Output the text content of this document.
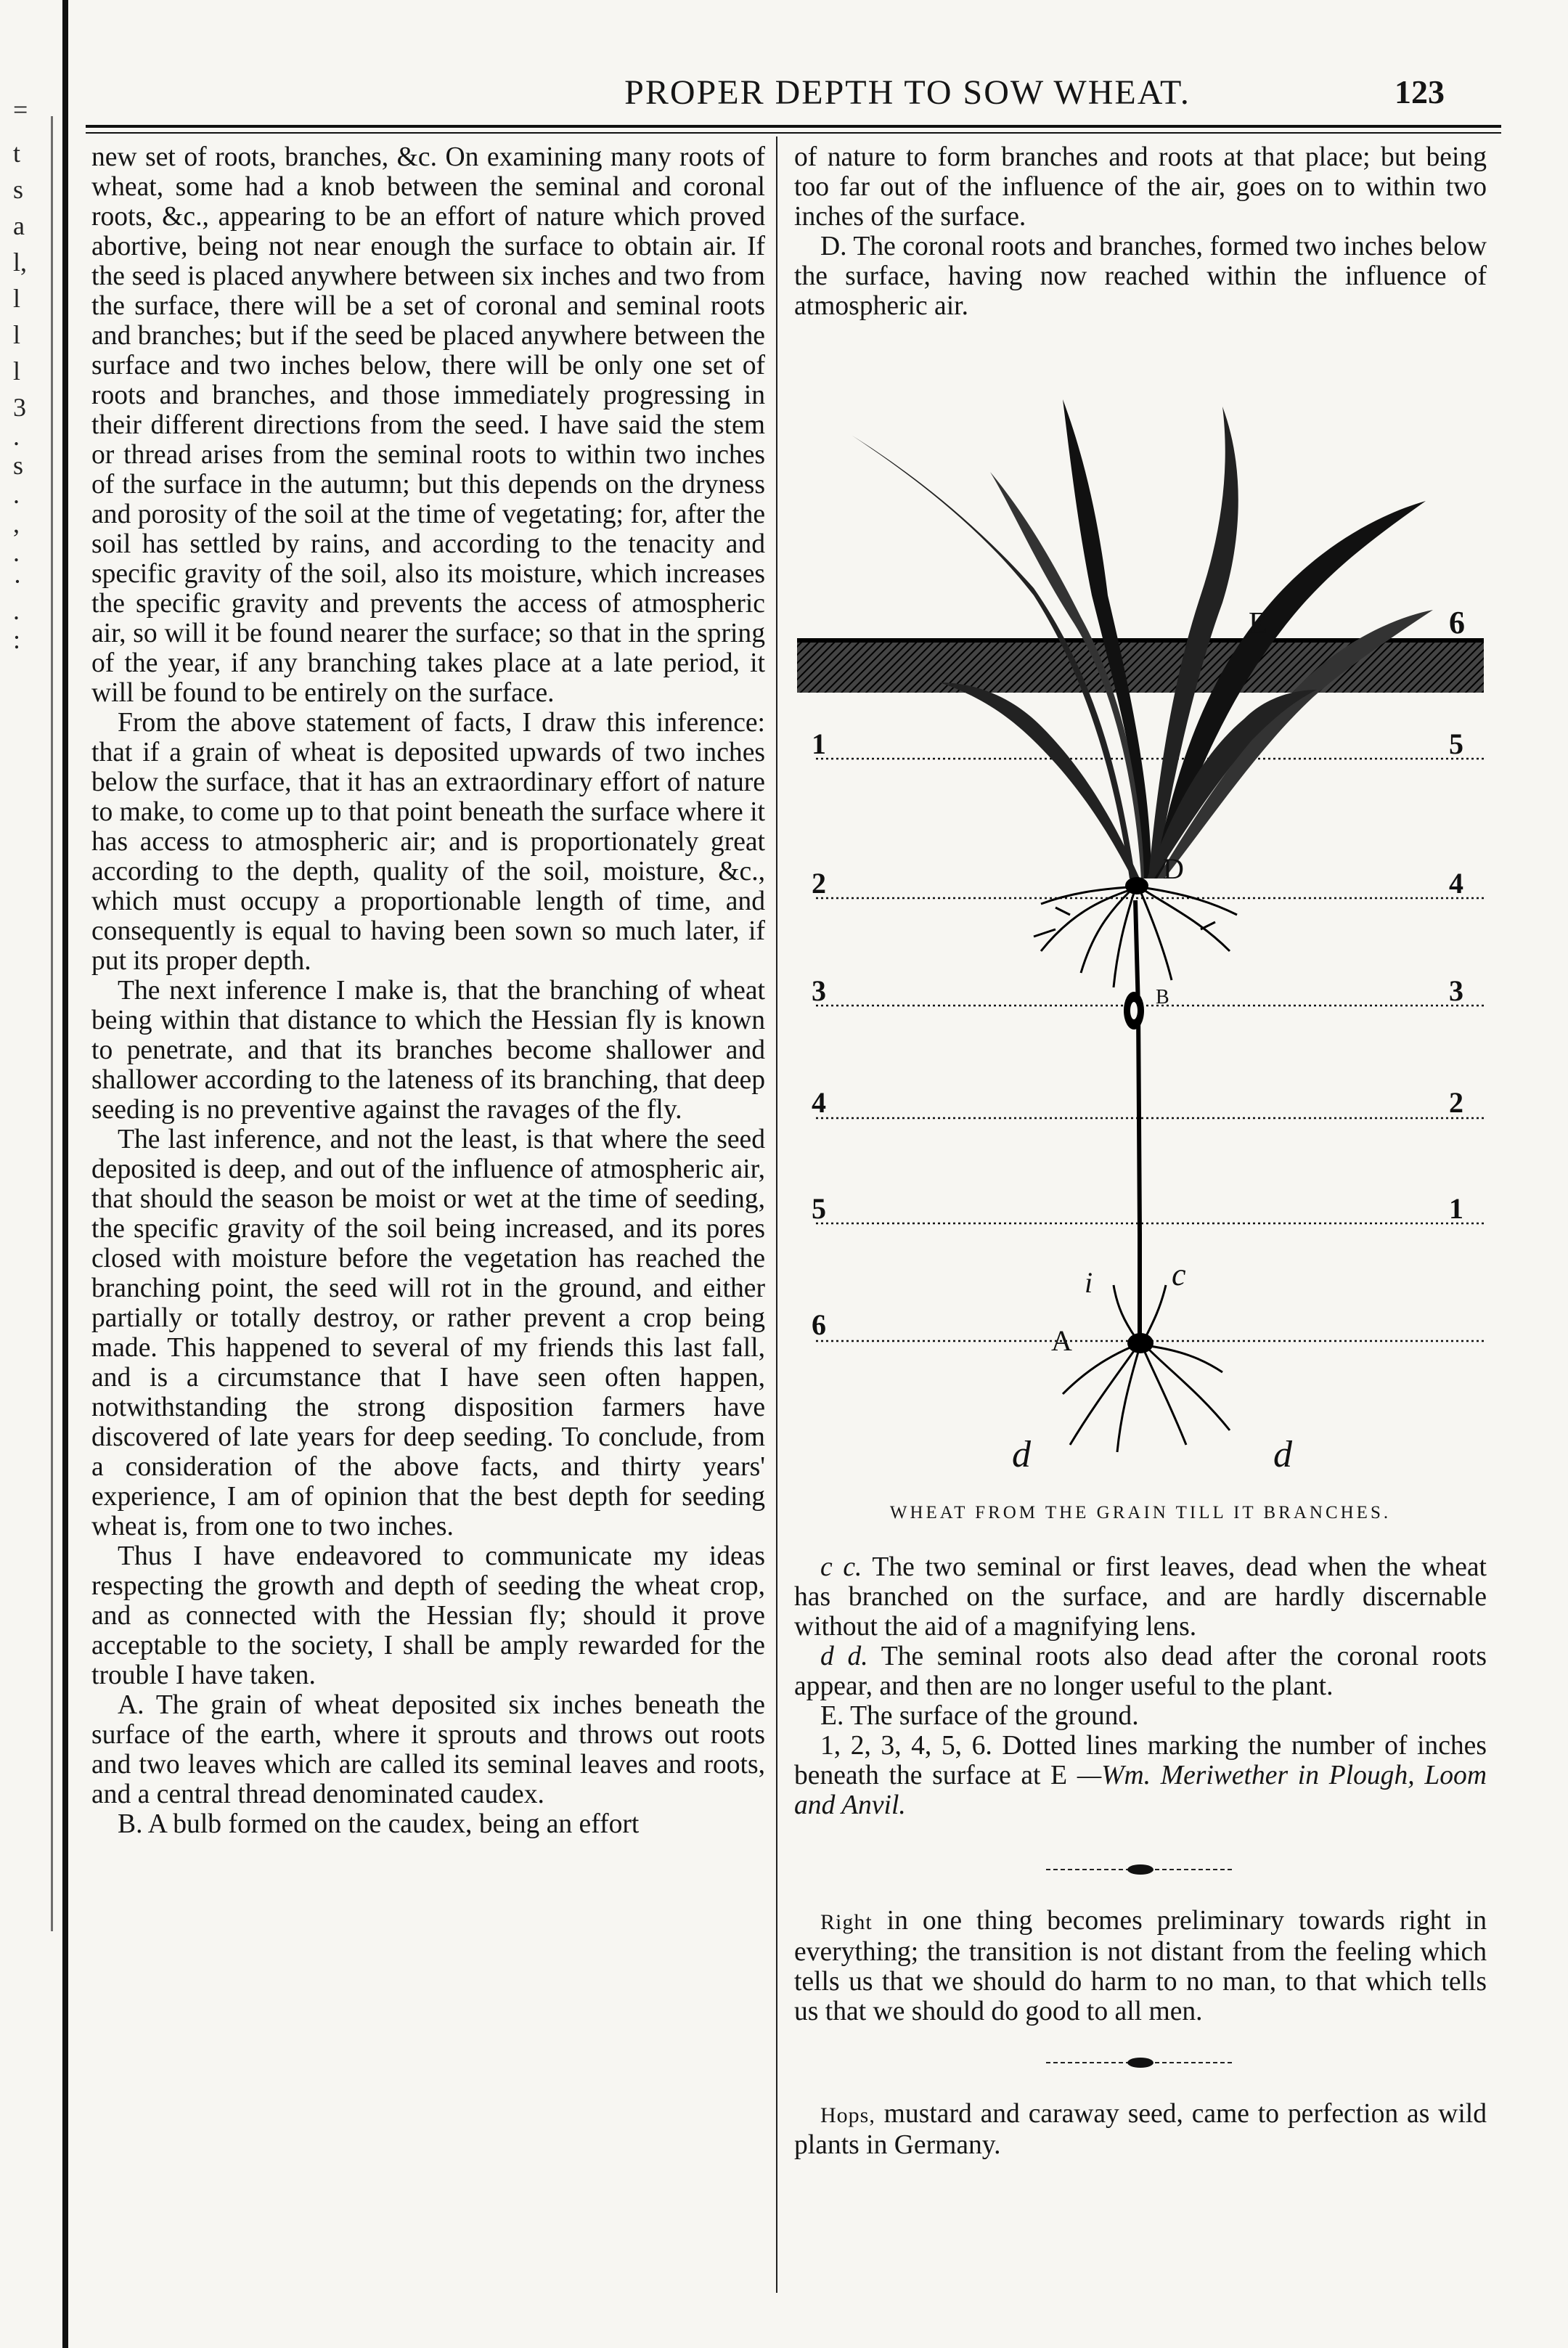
=
t
s
a
l,
l
l
l
3
.
s
.
,
.
·
.
:
PROPER DEPTH TO SOW WHEAT.	123

new set of roots, branches, &c. On examining many roots of wheat, some had a knob between the seminal and coronal roots, &c., appearing to be an effort of nature which proved abortive, being not near enough the surface to obtain air. If the seed is placed anywhere between six inches and two from the surface, there will be a set of coronal and seminal roots and branches; but if the seed be placed anywhere between the surface and two inches below, there will be only one set of roots and branches, and those immediately progressing in their different directions from the seed. I have said the stem or thread arises from the seminal roots to within two inches of the surface in the autumn; but this depends on the dryness and porosity of the soil at the time of vegetating; for, after the soil has settled by rains, and according to the tenacity and specific gravity of the soil, also its moisture, which increases the specific gravity and prevents the access of atmospheric air, so will it be found nearer the surface; so that in the spring of the year, if any branching takes place at a late period, it will be found to be entirely on the surface.

From the above statement of facts, I draw this inference: that if a grain of wheat is deposited upwards of two inches below the surface, that it has an extraordinary effort of nature to make, to come up to that point beneath the surface where it has access to atmospheric air; and is proportionately great according to the depth, quality of the soil, moisture, &c., which must occupy a proportionable length of time, and consequently is equal to having been sown so much later, if put its proper depth.

The next inference I make is, that the branching of wheat being within that distance to which the Hessian fly is known to penetrate, and that its branches become shallower and shallower according to the lateness of its branching, that deep seeding is no preventive against the ravages of the fly.

The last inference, and not the least, is that where the seed deposited is deep, and out of the influence of atmospheric air, that should the season be moist or wet at the time of seeding, the specific gravity of the soil being increased, and its pores closed with moisture before the vegetation has reached the branching point, the seed will rot in the ground, and either partially or totally destroy, or rather prevent a crop being made. This happened to several of my friends this last fall, and is a circumstance that I have seen often happen, notwithstanding the strong disposition farmers have discovered of late years for deep seeding. To conclude, from a consideration of the above facts, and thirty years' experience, I am of opinion that the best depth for seeding wheat is, from one to two inches.

Thus I have endeavored to communicate my ideas respecting the growth and depth of seeding the wheat crop, and as connected with the Hessian fly; should it prove acceptable to the society, I shall be amply rewarded for the trouble I have taken.

A. The grain of wheat deposited six inches beneath the surface of the earth, where it sprouts and throws out roots and two leaves which are called its seminal leaves and roots, and a central thread denominated caudex.

B. A bulb formed on the caudex, being an effort

of nature to form branches and roots at that place; but being too far out of the influence of the air, goes on to within two inches of the surface.

D. The coronal roots and branches, formed two inches below the surface, having now reached within the influence of atmospheric air.

E	6
1	5
2	D	4
3	B	3
4	2
5	1
i c
6	A
d	d
WHEAT FROM THE GRAIN TILL IT BRANCHES.

c c. The two seminal or first leaves, dead when the wheat has branched on the surface, and are hardly discernable without the aid of a magnifying lens.

d d. The seminal roots also dead after the coronal roots appear, and then are no longer useful to the plant.

E. The surface of the ground.

1, 2, 3, 4, 5, 6. Dotted lines marking the number of inches beneath the surface at E —Wm. Meriwether in Plough, Loom and Anvil.

Right in one thing becomes preliminary towards right in everything; the transition is not distant from the feeling which tells us that we should do harm to no man, to that which tells us that we should do good to all men.

Hops, mustard and caraway seed, came to perfection as wild plants in Germany.
